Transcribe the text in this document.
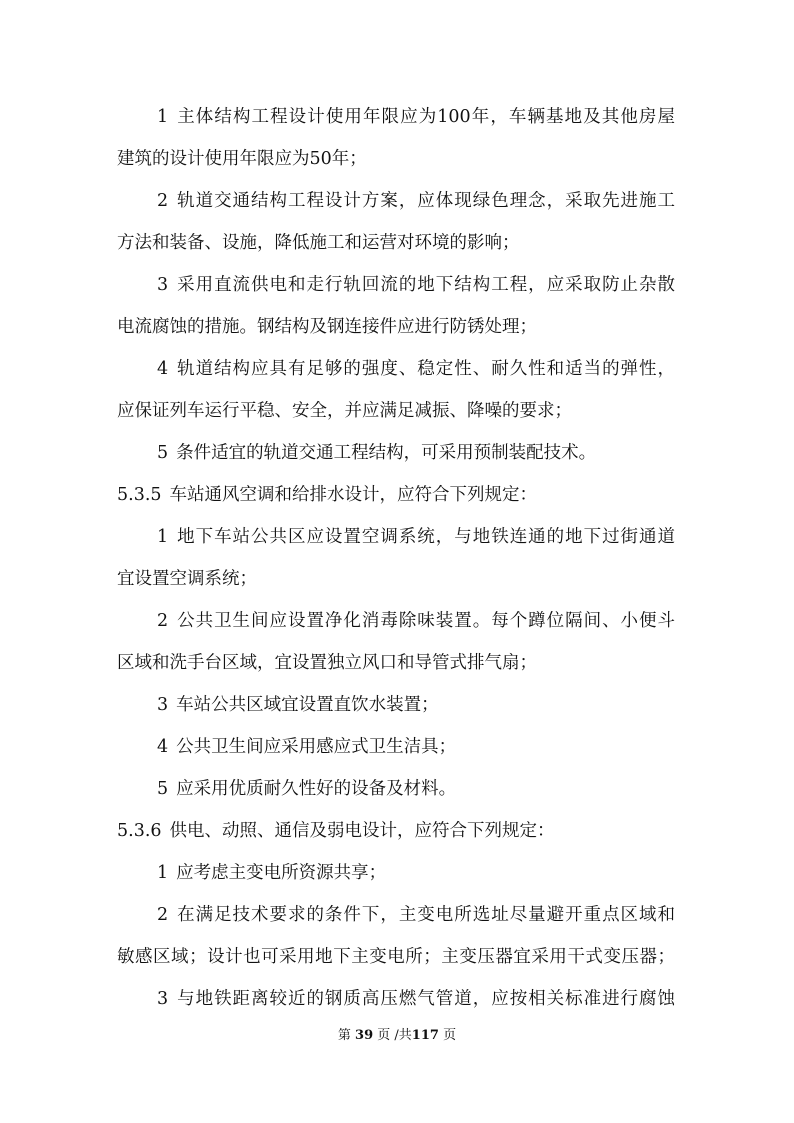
1 主体结构工程设计使用年限应为100年，车辆基地及其他房屋
建筑的设计使用年限应为50年；
2 轨道交通结构工程设计方案，应体现绿色理念，采取先进施工
方法和装备、设施，降低施工和运营对环境的影响；
3 采用直流供电和走行轨回流的地下结构工程，应采取防止杂散
电流腐蚀的措施。钢结构及钢连接件应进行防锈处理；
4 轨道结构应具有足够的强度、稳定性、耐久性和适当的弹性，
应保证列车运行平稳、安全，并应满足减振、降噪的要求；
5 条件适宜的轨道交通工程结构，可采用预制装配技术。
5.3.5 车站通风空调和给排水设计，应符合下列规定：
1 地下车站公共区应设置空调系统，与地铁连通的地下过街通道
宜设置空调系统；
2 公共卫生间应设置净化消毒除味装置。每个蹲位隔间、小便斗
区域和洗手台区域，宜设置独立风口和导管式排气扇；
3 车站公共区域宜设置直饮水装置；
4 公共卫生间应采用感应式卫生洁具；
5 应采用优质耐久性好的设备及材料。
5.3.6 供电、动照、通信及弱电设计，应符合下列规定：
1 应考虑主变电所资源共享；
2 在满足技术要求的条件下，主变电所选址尽量避开重点区域和
敏感区域；设计也可采用地下主变电所；主变压器宜采用干式变压器；
3 与地铁距离较近的钢质高压燃气管道，应按相关标准进行腐蚀
第 39 页 /共117 页
